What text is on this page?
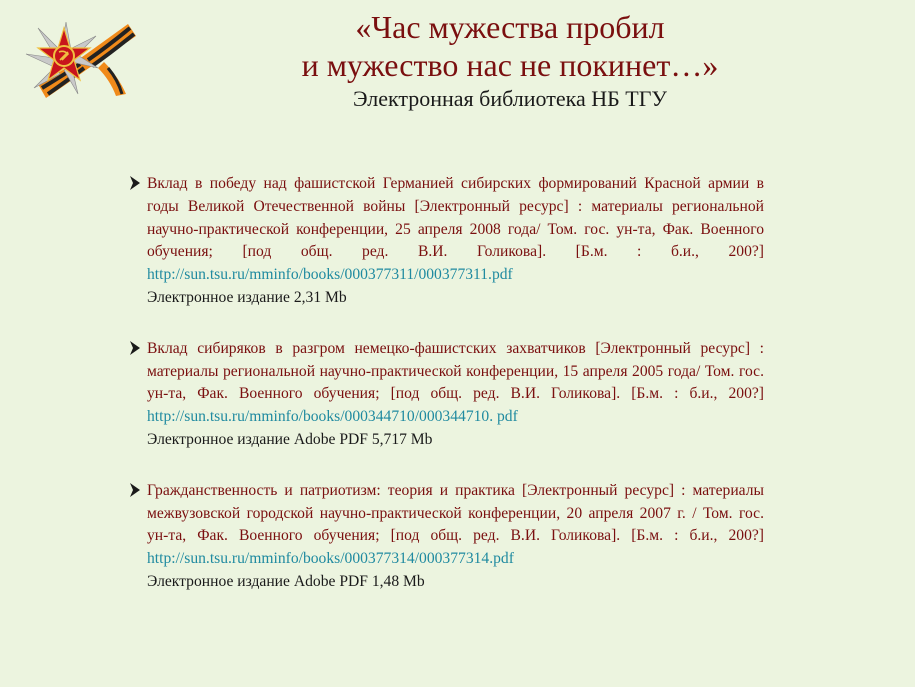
«Час мужества пробил
и мужество нас не покинет…»
Электронная библиотека НБ ТГУ

Вклад в победу над фашистской Германией сибирских формирований Красной армии в годы Великой Отечественной войны [Электронный ресурс] : материалы региональной научно-практической конференции, 25 апреля 2008 года/ Том. гос. ун-та, Фак. Военного обучения; [под общ. ред. В.И. Голикова]. [Б.м. : б.и., 200?] http://sun.tsu.ru/mminfo/books/000377311/000377311.pdf

Электронное издание 2,31 Mb

Вклад сибиряков в разгром немецко-фашистских захватчиков [Электронный ресурс] : материалы региональной научно-практической конференции, 15 апреля 2005 года/ Том. гос. ун-та, Фак. Военного обучения; [под общ. ред. В.И. Голикова]. [Б.м. : б.и., 200?] http://sun.tsu.ru/mminfo/books/000344710/000344710. pdf

Электронное издание Adobe PDF 5,717 Mb

Гражданственность и патриотизм: теория и практика [Электронный ресурс] : материалы межвузовской городской научно-практической конференции, 20 апреля 2007 г. / Том. гос. ун-та, Фак. Военного обучения; [под общ. ред. В.И. Голикова]. [Б.м. : б.и., 200?] http://sun.tsu.ru/mminfo/books/000377314/000377314.pdf

Электронное издание Adobe PDF 1,48 Mb
